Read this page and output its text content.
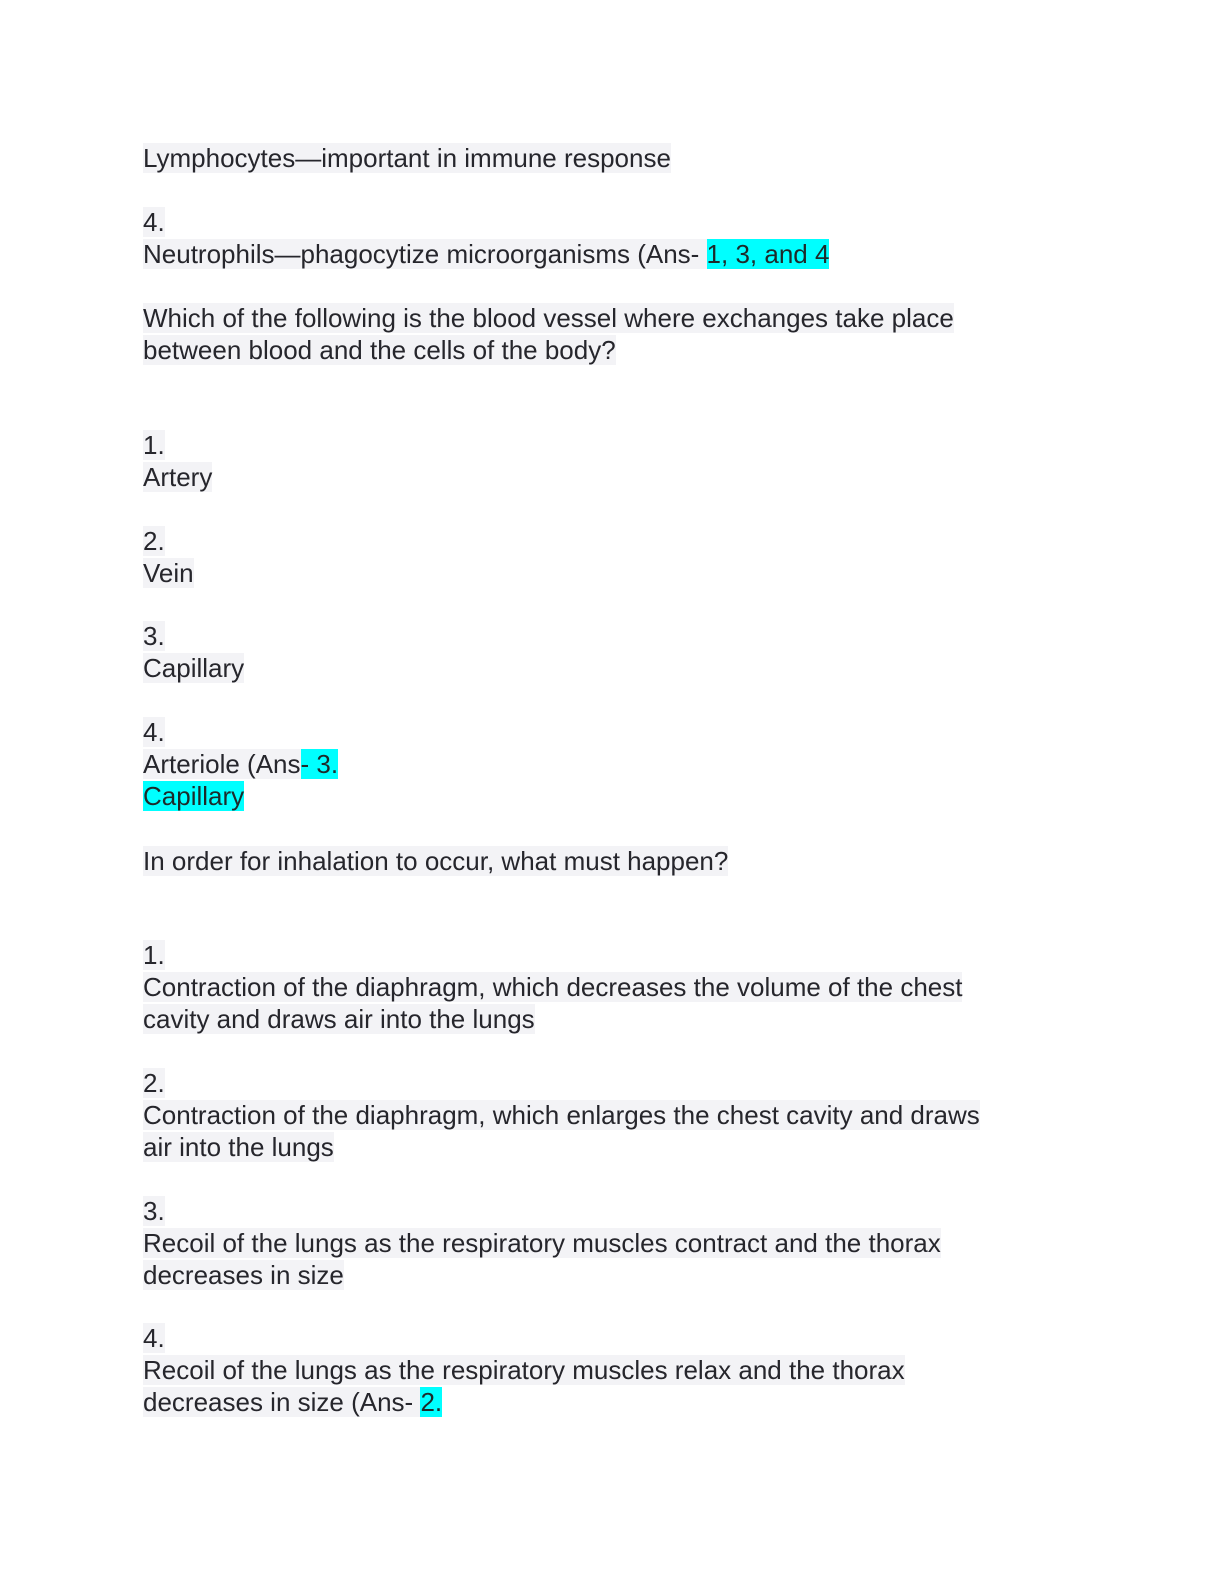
Lymphocytes—important in immune response
4.
Neutrophils—phagocytize microorganisms (Ans- 1, 3, and 4
Which of the following is the blood vessel where exchanges take place
between blood and the cells of the body?
1.
Artery
2.
Vein
3.
Capillary
4.
Arteriole (Ans- 3.
Capillary
In order for inhalation to occur, what must happen?
1.
Contraction of the diaphragm, which decreases the volume of the chest
cavity and draws air into the lungs
2.
Contraction of the diaphragm, which enlarges the chest cavity and draws
air into the lungs
3.
Recoil of the lungs as the respiratory muscles contract and the thorax
decreases in size
4.
Recoil of the lungs as the respiratory muscles relax and the thorax
decreases in size (Ans- 2.
